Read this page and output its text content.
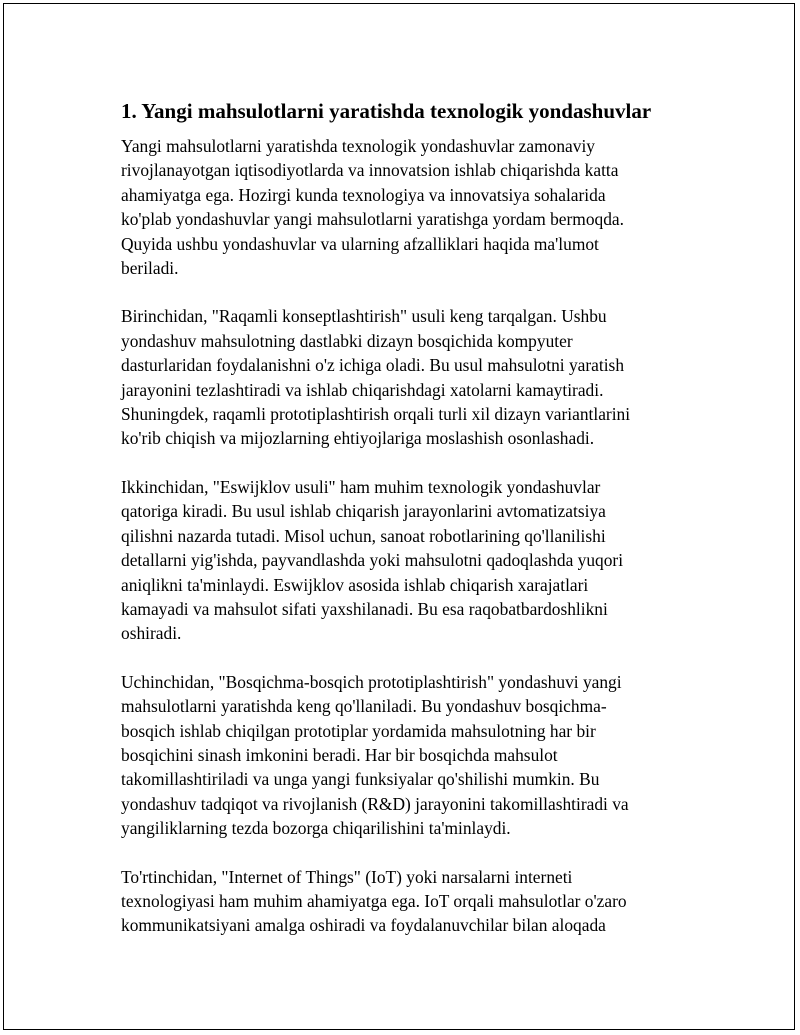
1. Yangi mahsulotlarni yaratishda texnologik yondashuvlar

Yangi mahsulotlarni yaratishda texnologik yondashuvlar zamonaviy
rivojlanayotgan iqtisodiyotlarda va innovatsion ishlab chiqarishda katta
ahamiyatga ega. Hozirgi kunda texnologiya va innovatsiya sohalarida
ko'plab yondashuvlar yangi mahsulotlarni yaratishga yordam bermoqda.
Quyida ushbu yondashuvlar va ularning afzalliklari haqida ma'lumot
beriladi.

Birinchidan, "Raqamli konseptlashtirish" usuli keng tarqalgan. Ushbu
yondashuv mahsulotning dastlabki dizayn bosqichida kompyuter
dasturlaridan foydalanishni o'z ichiga oladi. Bu usul mahsulotni yaratish
jarayonini tezlashtiradi va ishlab chiqarishdagi xatolarni kamaytiradi.
Shuningdek, raqamli prototiplashtirish orqali turli xil dizayn variantlarini
ko'rib chiqish va mijozlarning ehtiyojlariga moslashish osonlashadi.

Ikkinchidan, "Eswijklov usuli" ham muhim texnologik yondashuvlar
qatoriga kiradi. Bu usul ishlab chiqarish jarayonlarini avtomatizatsiya
qilishni nazarda tutadi. Misol uchun, sanoat robotlarining qo'llanilishi
detallarni yig'ishda, payvandlashda yoki mahsulotni qadoqlashda yuqori
aniqlikni ta'minlaydi. Eswijklov asosida ishlab chiqarish xarajatlari
kamayadi va mahsulot sifati yaxshilanadi. Bu esa raqobatbardoshlikni
oshiradi.

Uchinchidan, "Bosqichma-bosqich prototiplashtirish" yondashuvi yangi
mahsulotlarni yaratishda keng qo'llaniladi. Bu yondashuv bosqichma-
bosqich ishlab chiqilgan prototiplar yordamida mahsulotning har bir
bosqichini sinash imkonini beradi. Har bir bosqichda mahsulot
takomillashtiriladi va unga yangi funksiyalar qo'shilishi mumkin. Bu
yondashuv tadqiqot va rivojlanish (R&D) jarayonini takomillashtiradi va
yangiliklarning tezda bozorga chiqarilishini ta'minlaydi.

To'rtinchidan, "Internet of Things" (IoT) yoki narsalarni interneti
texnologiyasi ham muhim ahamiyatga ega. IoT orqali mahsulotlar o'zaro
kommunikatsiyani amalga oshiradi va foydalanuvchilar bilan aloqada
